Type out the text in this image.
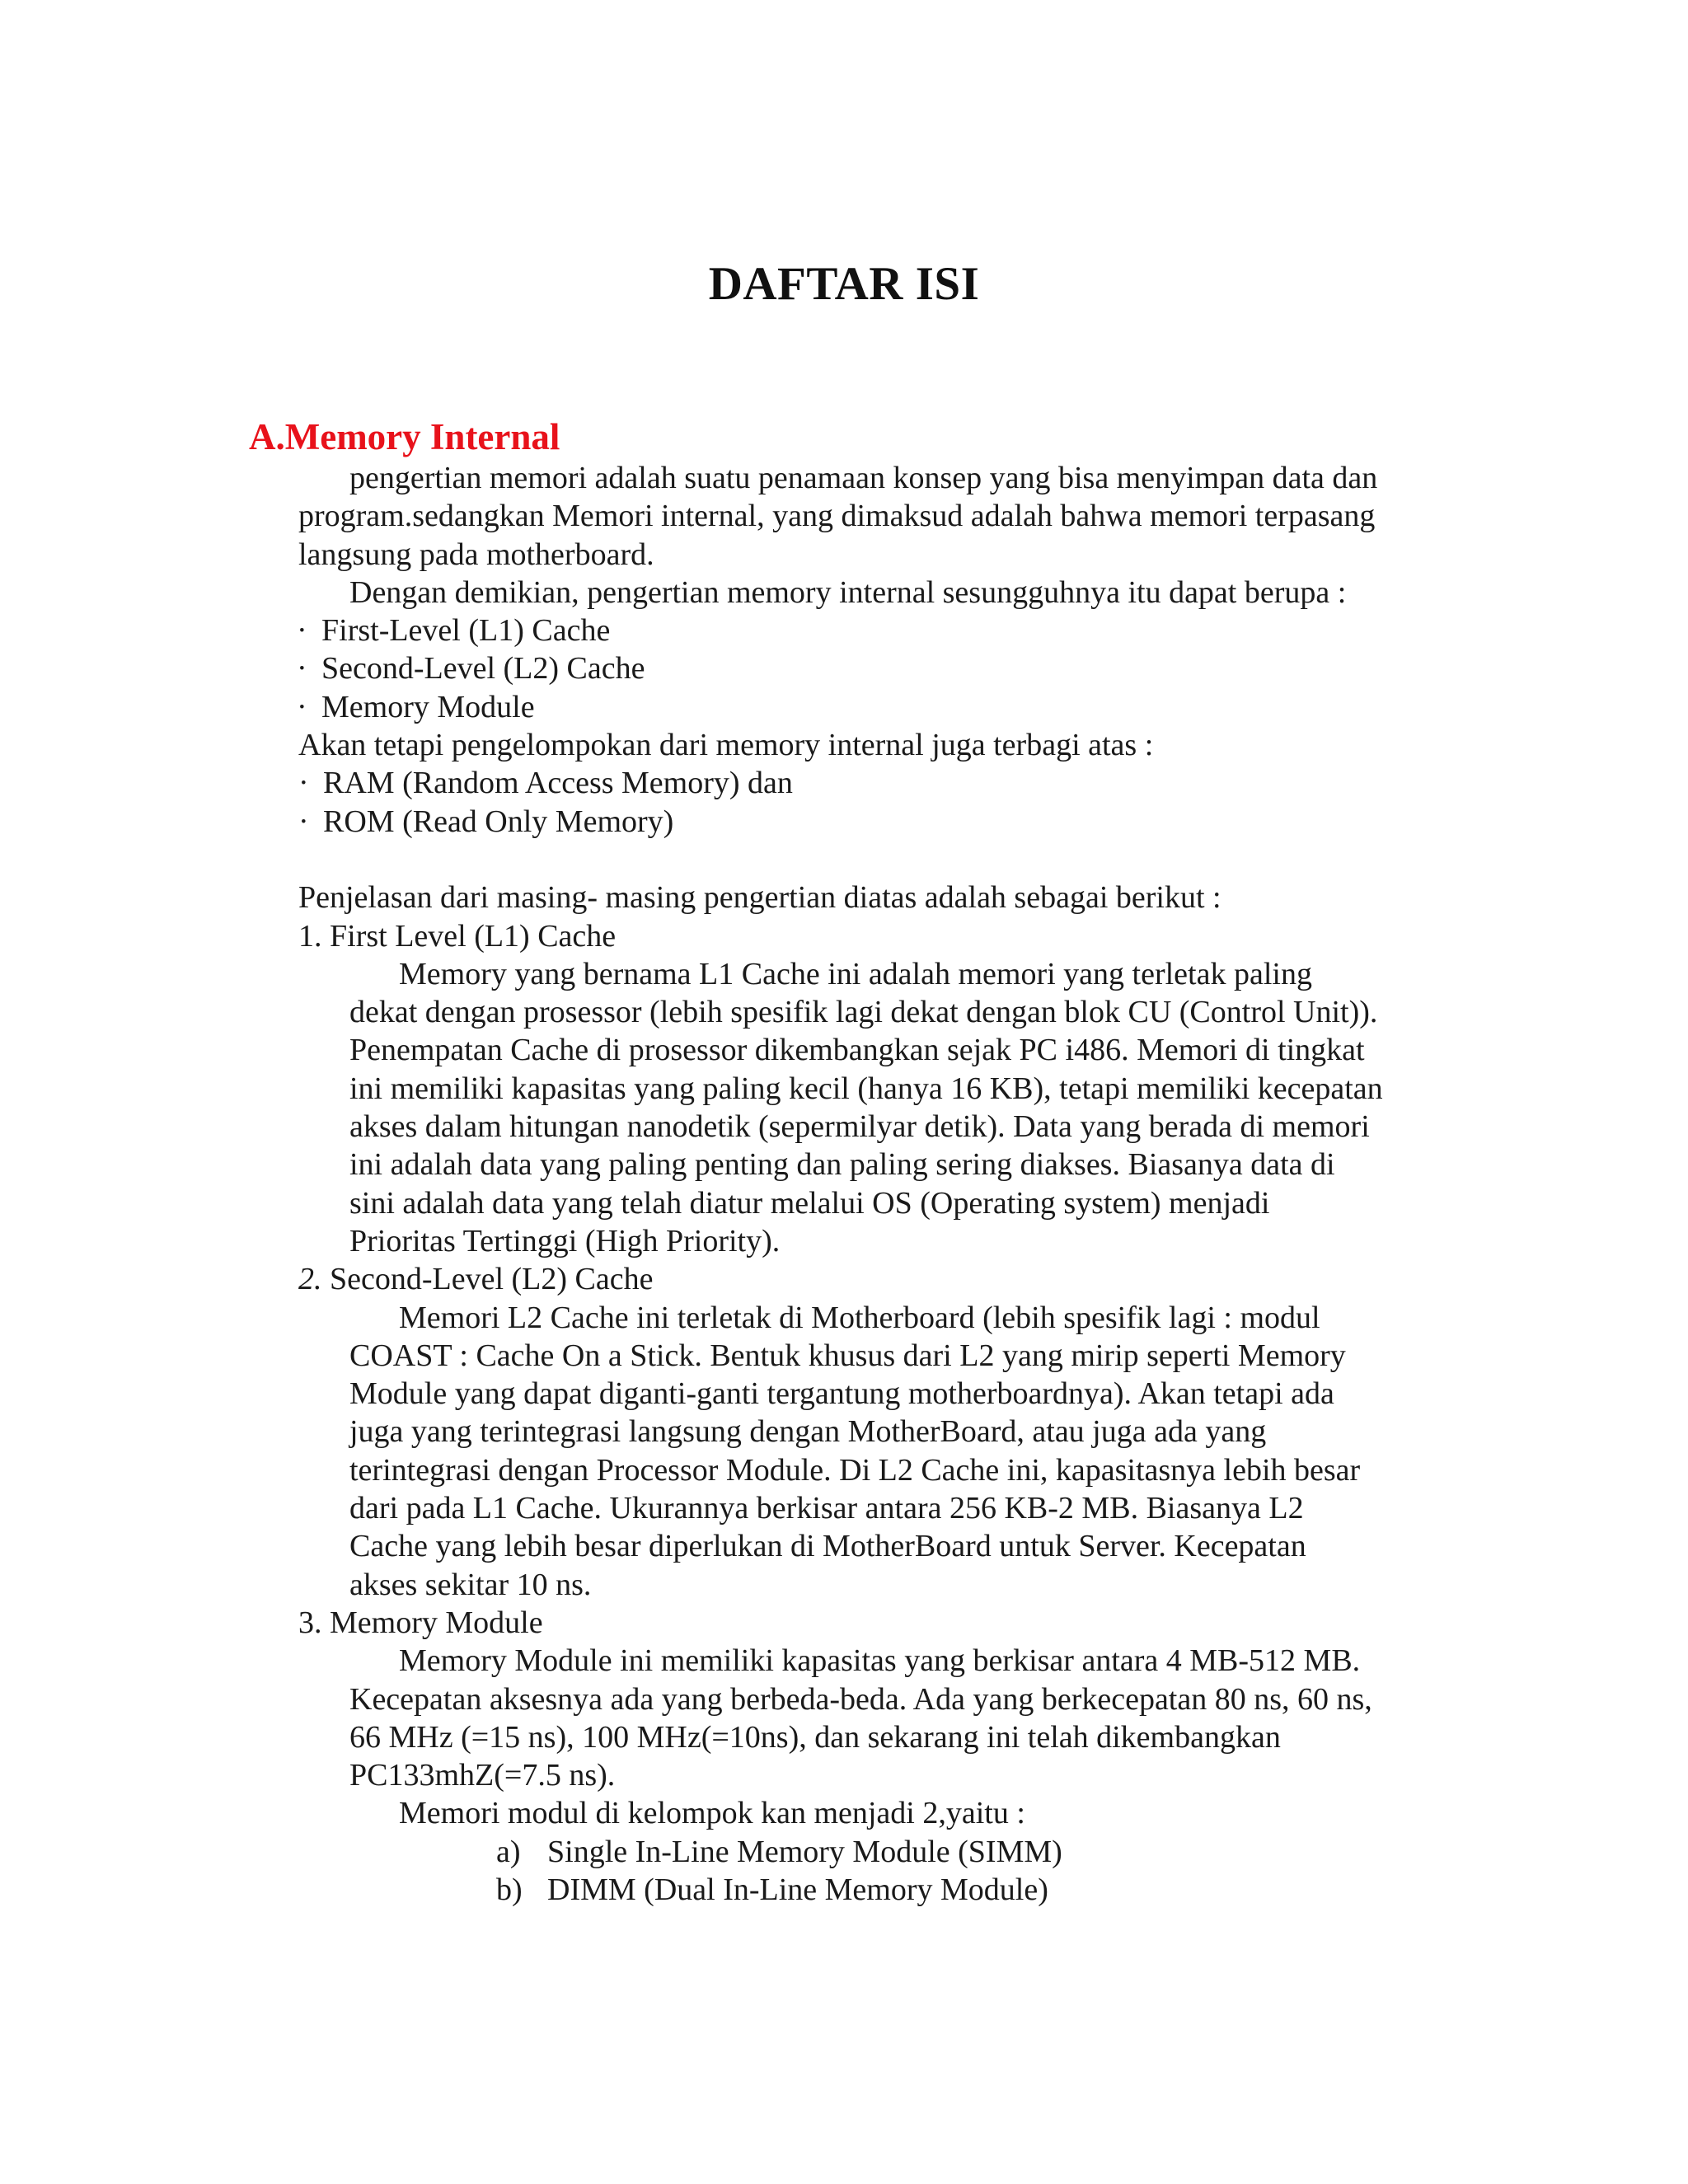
DAFTAR ISI
A.Memory Internal
pengertian memori adalah suatu penamaan konsep yang bisa menyimpan data dan
program.sedangkan Memori internal, yang dimaksud adalah bahwa memori terpasang
langsung pada motherboard.
Dengan demikian, pengertian memory internal sesungguhnya itu dapat berupa :
· First-Level (L1) Cache
· Second-Level (L2) Cache
· Memory Module
Akan tetapi pengelompokan dari memory internal juga terbagi atas :
· RAM (Random Access Memory) dan
· ROM (Read Only Memory)
Penjelasan dari masing- masing pengertian diatas adalah sebagai berikut :
1. First Level (L1) Cache
Memory yang bernama L1 Cache ini adalah memori yang terletak paling
dekat dengan prosessor (lebih spesifik lagi dekat dengan blok CU (Control Unit)).
Penempatan Cache di prosessor dikembangkan sejak PC i486. Memori di tingkat
ini memiliki kapasitas yang paling kecil (hanya 16 KB), tetapi memiliki kecepatan
akses dalam hitungan nanodetik (sepermilyar detik). Data yang berada di memori
ini adalah data yang paling penting dan paling sering diakses. Biasanya data di
sini adalah data yang telah diatur melalui OS (Operating system) menjadi
Prioritas Tertinggi (High Priority).
2. Second-Level (L2) Cache
Memori L2 Cache ini terletak di Motherboard (lebih spesifik lagi : modul
COAST : Cache On a Stick. Bentuk khusus dari L2 yang mirip seperti Memory
Module yang dapat diganti-ganti tergantung motherboardnya). Akan tetapi ada
juga yang terintegrasi langsung dengan MotherBoard, atau juga ada yang
terintegrasi dengan Processor Module. Di L2 Cache ini, kapasitasnya lebih besar
dari pada L1 Cache. Ukurannya berkisar antara 256 KB-2 MB. Biasanya L2
Cache yang lebih besar diperlukan di MotherBoard untuk Server. Kecepatan
akses sekitar 10 ns.
3. Memory Module
Memory Module ini memiliki kapasitas yang berkisar antara 4 MB-512 MB.
Kecepatan aksesnya ada yang berbeda-beda. Ada yang berkecepatan 80 ns, 60 ns,
66 MHz (=15 ns), 100 MHz(=10ns), dan sekarang ini telah dikembangkan
PC133mhZ(=7.5 ns).
Memori modul di kelompok kan menjadi 2,yaitu :
a) Single In-Line Memory Module (SIMM)
b) DIMM (Dual In-Line Memory Module)
